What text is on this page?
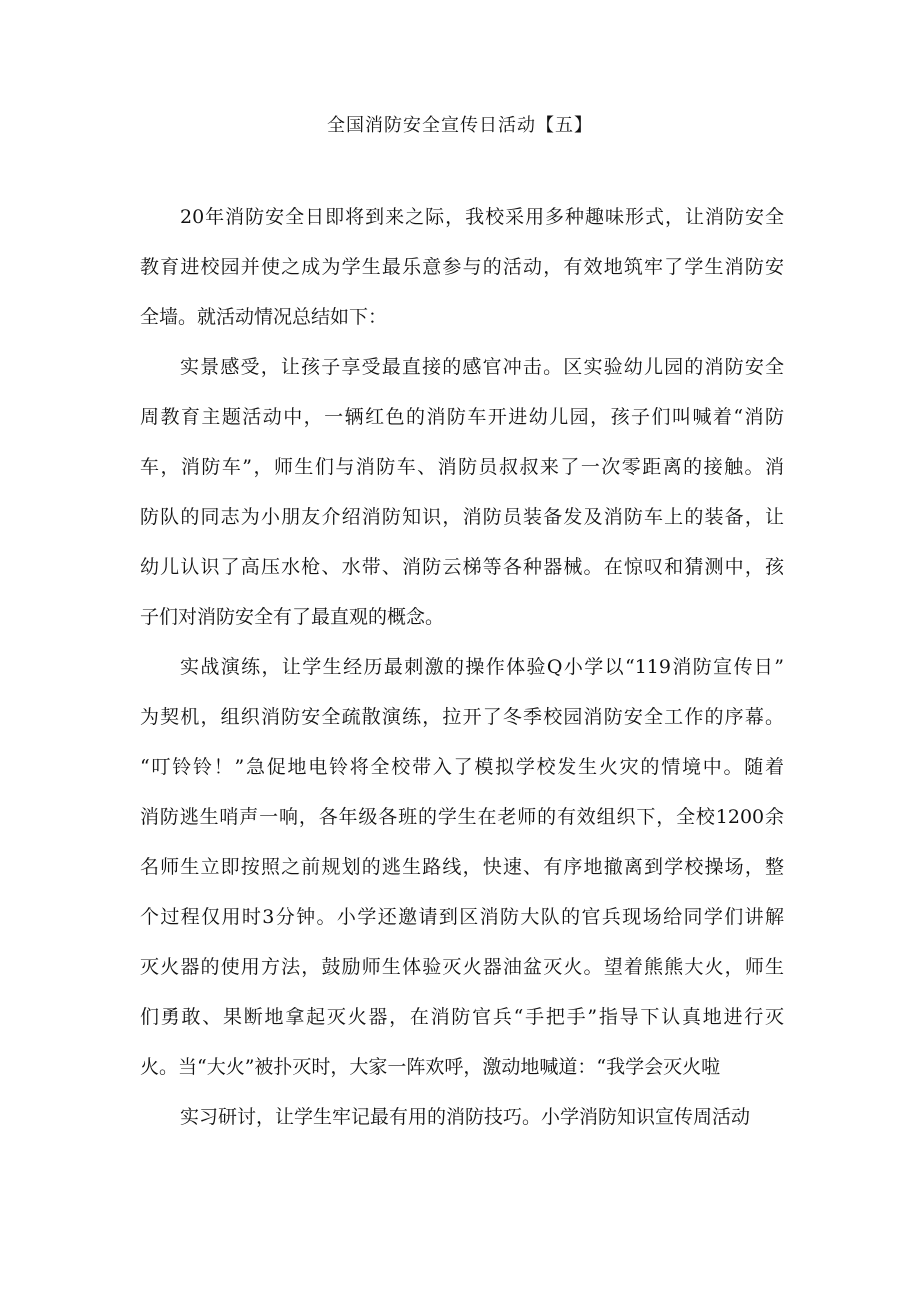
全国消防安全宣传日活动【五】
20年消防安全日即将到来之际，我校采用多种趣味形式，让消防安全
教育进校园并使之成为学生最乐意参与的活动，有效地筑牢了学生消防安
全墙。就活动情况总结如下：
实景感受，让孩子享受最直接的感官冲击。区实验幼儿园的消防安全
周教育主题活动中，一辆红色的消防车开进幼儿园，孩子们叫喊着“消防
车，消防车”，师生们与消防车、消防员叔叔来了一次零距离的接触。消
防队的同志为小朋友介绍消防知识，消防员装备发及消防车上的装备，让
幼儿认识了高压水枪、水带、消防云梯等各种器械。在惊叹和猜测中，孩
子们对消防安全有了最直观的概念。
实战演练，让学生经历最刺激的操作体验Q小学以“119消防宣传日”
为契机，组织消防安全疏散演练，拉开了冬季校园消防安全工作的序幕。
“叮铃铃！”急促地电铃将全校带入了模拟学校发生火灾的情境中。随着
消防逃生哨声一响，各年级各班的学生在老师的有效组织下，全校1200余
名师生立即按照之前规划的逃生路线，快速、有序地撤离到学校操场，整
个过程仅用时3分钟。小学还邀请到区消防大队的官兵现场给同学们讲解
灭火器的使用方法，鼓励师生体验灭火器油盆灭火。望着熊熊大火，师生
们勇敢、果断地拿起灭火器，在消防官兵“手把手”指导下认真地进行灭
火。当“大火”被扑灭时，大家一阵欢呼，激动地喊道：“我学会灭火啦
实习研讨，让学生牢记最有用的消防技巧。小学消防知识宣传周活动
